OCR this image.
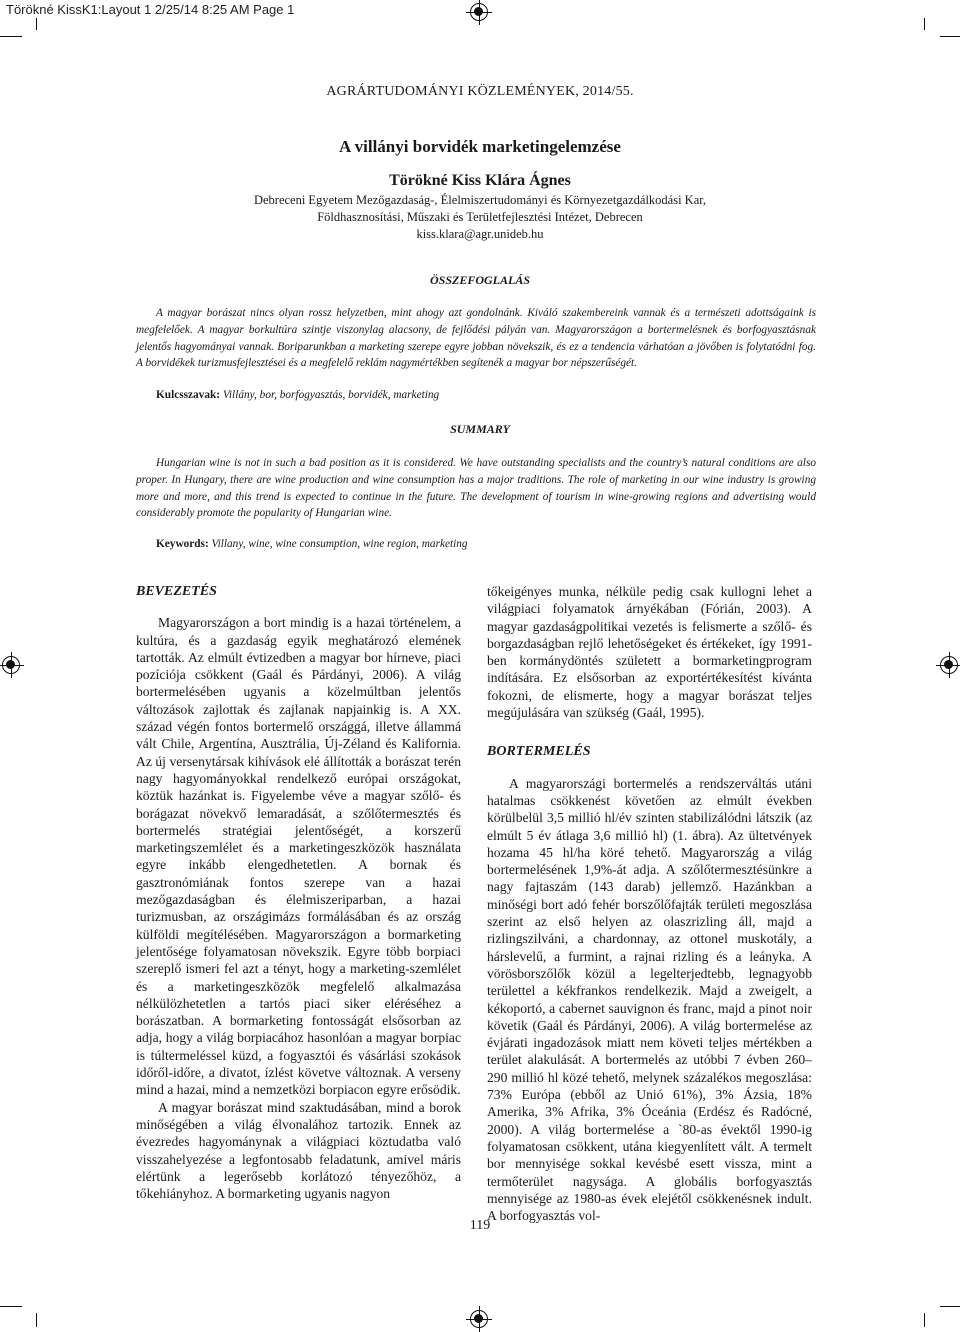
Törökné KissK1:Layout 1 2/25/14 8:25 AM Page 1
AGRÁRTUDOMÁNYI KÖZLEMÉNYEK, 2014/55.
A villányi borvidék marketingelemzése
Törökné Kiss Klára Ágnes
Debreceni Egyetem Mezőgazdaság-, Élelmiszertudományi és Környezetgazdálkodási Kar,
Földhasznosítási, Műszaki és Területfejlesztési Intézet, Debrecen
kiss.klara@agr.unideb.hu
ÖSSZEFOGLALÁS

A magyar borászat nincs olyan rossz helyzetben, mint ahogy azt gondolnánk. Kiváló szakembereink vannak és a természeti adottságaink is megfelelőek. A magyar borkultúra szintje viszonylag alacsony, de fejlődési pályán van. Magyarországon a bortermelésnek és borfogyasztásnak jelentős hagyományai vannak. Boriparunkban a marketing szerepe egyre jobban növekszik, és ez a tendencia várhatóan a jövőben is folytatódni fog. A borvidékek turizmusfejlesztései és a megfelelő reklám nagymértékben segítenék a magyar bor népszerűségét.

Kulcsszavak: Villány, bor, borfogyasztás, borvidék, marketing
SUMMARY

Hungarian wine is not in such a bad position as it is considered. We have outstanding specialists and the country’s natural conditions are also proper. In Hungary, there are wine production and wine consumption has a major traditions. The role of marketing in our wine industry is growing more and more, and this trend is expected to continue in the future. The development of tourism in wine-growing regions and advertising would considerably promote the popularity of Hungarian wine.

Keywords: Villany, wine, wine consumption, wine region, marketing
BEVEZETÉS

Magyarországon a bort mindig is a hazai történelem, a kultúra, és a gazdaság egyik meghatározó elemének tartották. Az elmúlt évtizedben a magyar bor hírneve, piaci pozíciója csökkent (Gaál és Párdányi, 2006). A világ bortermelésében ugyanis a közelmúltban jelentős változások zajlottak és zajlanak napjainkig is. A XX. század végén fontos bortermelő országgá, illetve állammá vált Chile, Argentína, Ausztrália, Új-Zéland és Kalifornia. Az új versenytársak kihívások elé állították a borászat terén nagy hagyományokkal rendelkező európai országokat, köztük hazánkat is. Figyelembe véve a magyar szőlő- és borágazat növekvő lemaradását, a szőlőtermesztés és bortermelés stratégiai jelentőségét, a korszerű marketingszemlélet és a marketingeszközök használata egyre inkább elengedhetetlen. A bornak és gasztronómiának fontos szerepe van a hazai mezőgazdaságban és élelmiszeriparban, a hazai turizmusban, az országimázs formálásában és az ország külföldi megítélésében. Magyarországon a bormarketing jelentősége folyamatosan növekszik. Egyre több borpiaci szereplő ismeri fel azt a tényt, hogy a marketing-szemlélet és a marketingeszközök megfelelő alkalmazása nélkülözhetetlen a tartós piaci siker eléréséhez a borászatban. A bormarketing fontosságát elsősorban az adja, hogy a világ borpiacához hasonlóan a magyar borpiac is túltermeléssel küzd, a fogyasztói és vásárlási szokások időről-időre, a divatot, ízlést követve változnak. A verseny mind a hazai, mind a nemzetközi borpiacon egyre erősödik.

A magyar borászat mind szaktudásában, mind a borok minőségében a világ élvonalához tartozik. Ennek az évezredes hagyománynak a világpiaci köztudatba való visszahelyezése a legfontosabb feladatunk, amivel máris elértünk a legerősebb korlátozó tényezőhöz, a tőkehiányhoz. A bormarketing ugyanis nagyon

tőkeigényes munka, nélküle pedig csak kullogni lehet a világpiaci folyamatok árnyékában (Fórián, 2003). A magyar gazdaságpolitikai vezetés is felismerte a szőlő- és borgazdaságban rejlő lehetőségeket és értékeket, így 1991-ben kormánydöntés született a bormarketingprogram indítására. Ez elsősorban az exportértékesítést kívánta fokozni, de elismerte, hogy a magyar borászat teljes megújulására van szükség (Gaál, 1995).

BORTERMELÉS

A magyarországi bortermelés a rendszerváltás utáni hatalmas csökkenést követően az elmúlt években körülbelül 3,5 millió hl/év szinten stabilizálódni látszik (az elmúlt 5 év átlaga 3,6 millió hl) (1. ábra). Az ültetvények hozama 45 hl/ha köré tehető. Magyarország a világ bortermelésének 1,9%-át adja. A szőlőtermesztésünkre a nagy fajtaszám (143 darab) jellemző. Hazánkban a minőségi bort adó fehér borszőlőfajták területi megoszlása szerint az első helyen az olaszrizling áll, majd a rizlingszilváni, a chardonnay, az ottonel muskotály, a hárslevelű, a furmint, a rajnai rizling és a leányka. A vörösborszőlők közül a legelterjedtebb, legnagyobb területtel a kékfrankos rendelkezik. Majd a zweigelt, a kékoportó, a cabernet sauvignon és franc, majd a pinot noir követik (Gaál és Párdányi, 2006). A világ bortermelése az évjárati ingadozások miatt nem követi teljes mértékben a terület alakulását. A bortermelés az utóbbi 7 évben 260–290 millió hl közé tehető, melynek százalékos megoszlása: 73% Európa (ebből az Unió 61%), 3% Ázsia, 18% Amerika, 3% Afrika, 3% Óceánia (Erdész és Radócné, 2000). A világ bortermelése a `80-as évektől 1990-ig folyamatosan csökkent, utána kiegyenlített vált. A termelt bor mennyisége sokkal kevésbé esett vissza, mint a termőterület nagysága. A globális borfogyasztás mennyisége az 1980-as évek elejétől csökkenésnek indult. A borfogyasztás vol-

119
